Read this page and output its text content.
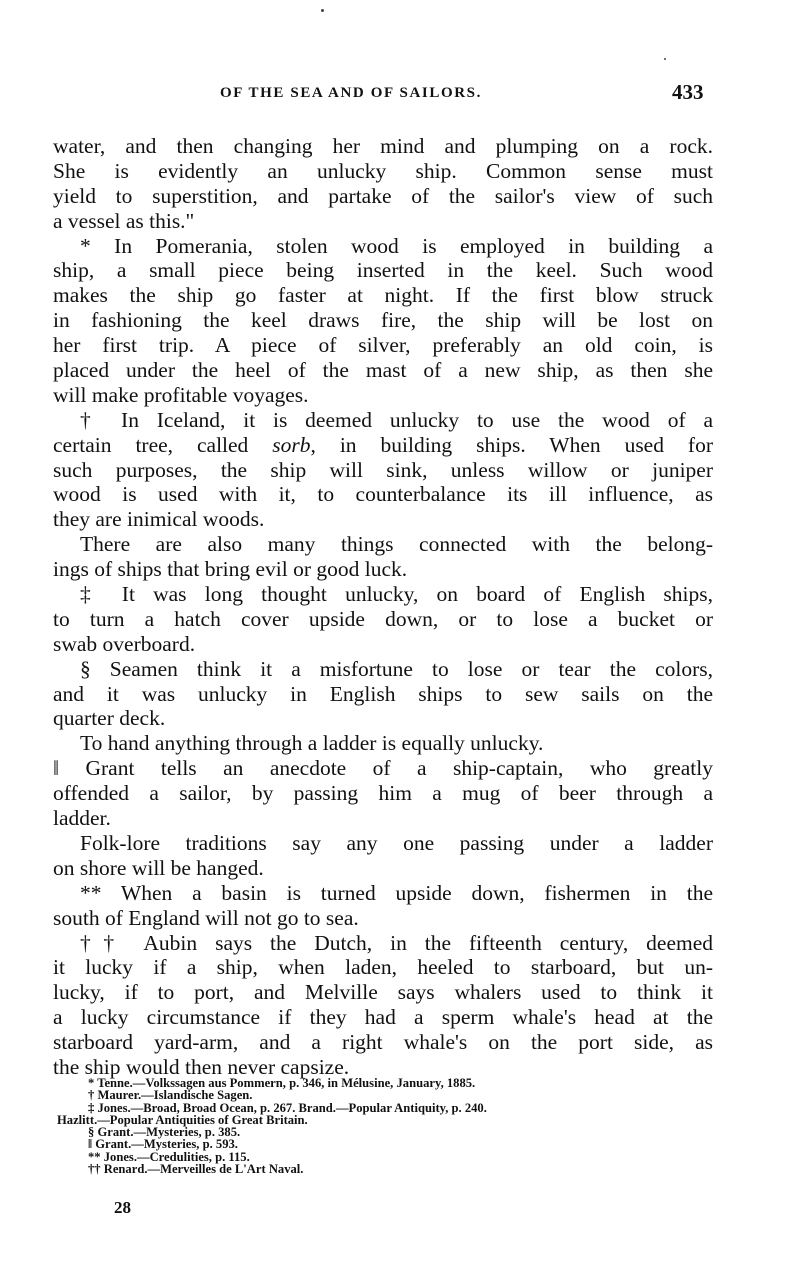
OF THE SEA AND OF SAILORS.	433
water, and then changing her mind and plumping on a rock.
She is evidently an unlucky ship. Common sense must
yield to superstition, and partake of the sailor's view of such
a vessel as this."
* In Pomerania, stolen wood is employed in building a
ship, a small piece being inserted in the keel. Such wood
makes the ship go faster at night. If the first blow struck
in fashioning the keel draws fire, the ship will be lost on
her first trip. A piece of silver, preferably an old coin, is
placed under the heel of the mast of a new ship, as then she
will make profitable voyages.
† In Iceland, it is deemed unlucky to use the wood of a
certain tree, called sorb, in building ships. When used for
such purposes, the ship will sink, unless willow or juniper
wood is used with it, to counterbalance its ill influence, as
they are inimical woods.
There are also many things connected with the belong-
ings of ships that bring evil or good luck.
‡ It was long thought unlucky, on board of English ships,
to turn a hatch cover upside down, or to lose a bucket or
swab overboard.
§ Seamen think it a misfortune to lose or tear the colors,
and it was unlucky in English ships to sew sails on the
quarter deck.
To hand anything through a ladder is equally unlucky.
‖ Grant tells an anecdote of a ship-captain, who greatly
offended a sailor, by passing him a mug of beer through a
ladder.
Folk-lore traditions say any one passing under a ladder
on shore will be hanged.
** When a basin is turned upside down, fishermen in the
south of England will not go to sea.
†† Aubin says the Dutch, in the fifteenth century, deemed
it lucky if a ship, when laden, heeled to starboard, but un-
lucky, if to port, and Melville says whalers used to think it
a lucky circumstance if they had a sperm whale's head at the
starboard yard-arm, and a right whale's on the port side, as
the ship would then never capsize.
* Tenne.—Volkssagen aus Pommern, p. 346, in Mélusine, January, 1885.
† Maurer.—Islandische Sagen.
‡ Jones.—Broad, Broad Ocean, p. 267. Brand.—Popular Antiquity, p. 240.
Hazlitt.—Popular Antiquities of Great Britain.
§ Grant.—Mysteries, p. 385.
‖ Grant.—Mysteries, p. 593.
** Jones.—Credulities, p. 115.
†† Renard.—Merveilles de L'Art Naval.
28
